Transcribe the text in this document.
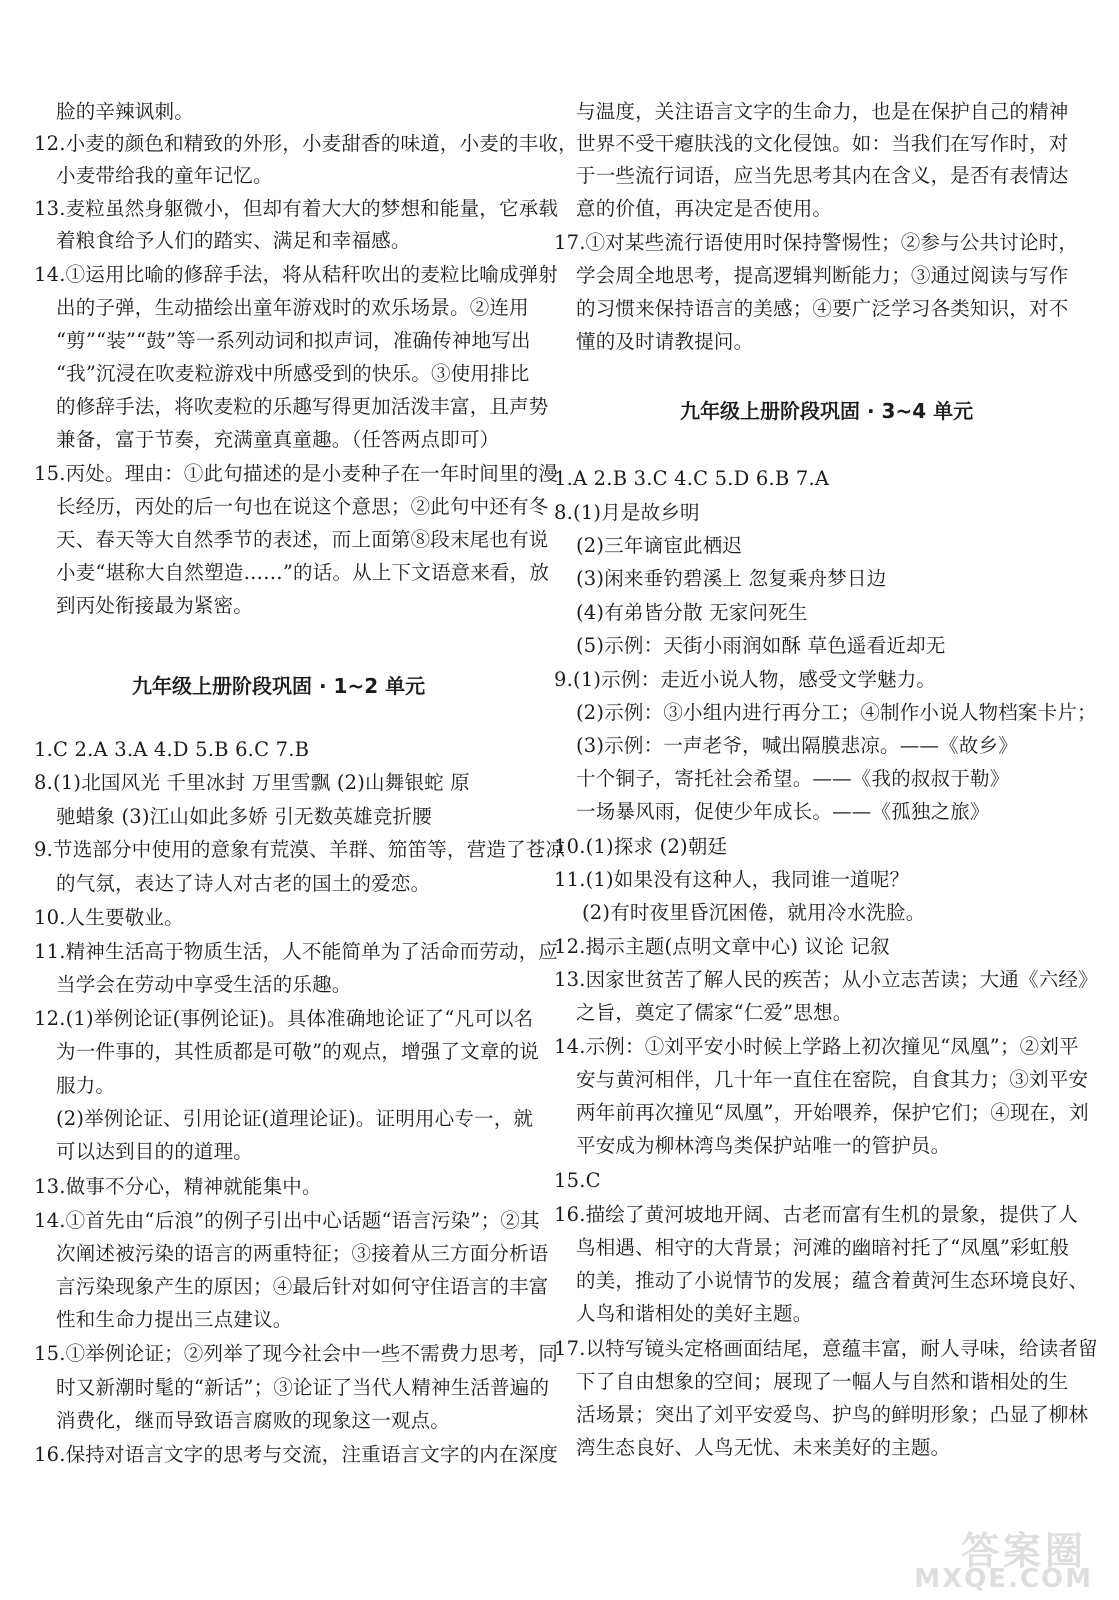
脸的辛辣讽刺。
12.小麦的颜色和精致的外形，小麦甜香的味道，小麦的丰收，
小麦带给我的童年记忆。
13.麦粒虽然身躯微小，但却有着大大的梦想和能量，它承载
着粮食给予人们的踏实、满足和幸福感。
14.①运用比喻的修辞手法，将从秸秆吹出的麦粒比喻成弹射
出的子弹，生动描绘出童年游戏时的欢乐场景。②连用
“剪”“装”“鼓”等一系列动词和拟声词，准确传神地写出
“我”沉浸在吹麦粒游戏中所感受到的快乐。③使用排比
的修辞手法，将吹麦粒的乐趣写得更加活泼丰富，且声势
兼备，富于节奏，充满童真童趣。（任答两点即可）
15.丙处。理由：①此句描述的是小麦种子在一年时间里的漫
长经历，丙处的后一句也在说这个意思；②此句中还有冬
天、春天等大自然季节的表述，而上面第⑧段末尾也有说
小麦“堪称大自然塑造……”的话。从上下文语意来看，放
到丙处衔接最为紧密。
九年级上册阶段巩固 · 1~2 单元
1.C 2.A 3.A 4.D 5.B 6.C 7.B
8.(1)北国风光 千里冰封 万里雪飘 (2)山舞银蛇 原
驰蜡象 (3)江山如此多娇 引无数英雄竞折腰
9.节选部分中使用的意象有荒漠、羊群、笳笛等，营造了苍凉
的气氛，表达了诗人对古老的国土的爱恋。
10.人生要敬业。
11.精神生活高于物质生活，人不能简单为了活命而劳动，应
当学会在劳动中享受生活的乐趣。
12.(1)举例论证(事例论证)。具体准确地论证了“凡可以名
为一件事的，其性质都是可敬”的观点，增强了文章的说
服力。
(2)举例论证、引用论证(道理论证)。证明用心专一，就
可以达到目的的道理。
13.做事不分心，精神就能集中。
14.①首先由“后浪”的例子引出中心话题“语言污染”；②其
次阐述被污染的语言的两重特征；③接着从三方面分析语
言污染现象产生的原因；④最后针对如何守住语言的丰富
性和生命力提出三点建议。
15.①举例论证；②列举了现今社会中一些不需费力思考，同
时又新潮时髦的“新话”；③论证了当代人精神生活普遍的
消费化，继而导致语言腐败的现象这一观点。
16.保持对语言文字的思考与交流，注重语言文字的内在深度
与温度，关注语言文字的生命力，也是在保护自己的精神
世界不受干瘪肤浅的文化侵蚀。如：当我们在写作时，对
于一些流行词语，应当先思考其内在含义，是否有表情达
意的价值，再决定是否使用。
17.①对某些流行语使用时保持警惕性；②参与公共讨论时，
学会周全地思考，提高逻辑判断能力；③通过阅读与写作
的习惯来保持语言的美感；④要广泛学习各类知识，对不
懂的及时请教提问。
九年级上册阶段巩固 · 3~4 单元
1.A 2.B 3.C 4.C 5.D 6.B 7.A
8.(1)月是故乡明
(2)三年谪宦此栖迟
(3)闲来垂钓碧溪上 忽复乘舟梦日边
(4)有弟皆分散 无家问死生
(5)示例：天街小雨润如酥 草色遥看近却无
9.(1)示例：走近小说人物，感受文学魅力。
(2)示例：③小组内进行再分工；④制作小说人物档案卡片；
(3)示例：一声老爷，喊出隔膜悲凉。——《故乡》
十个铜子，寄托社会希望。——《我的叔叔于勒》
一场暴风雨，促使少年成长。——《孤独之旅》
10.(1)探求 (2)朝廷
11.(1)如果没有这种人，我同谁一道呢？
(2)有时夜里昏沉困倦，就用冷水洗脸。
12.揭示主题(点明文章中心) 议论 记叙
13.因家世贫苦了解人民的疾苦；从小立志苦读；大通《六经》
之旨，奠定了儒家“仁爱”思想。
14.示例：①刘平安小时候上学路上初次撞见“凤凰”；②刘平
安与黄河相伴，几十年一直住在窑院，自食其力；③刘平安
两年前再次撞见“凤凰”，开始喂养，保护它们；④现在，刘
平安成为柳林湾鸟类保护站唯一的管护员。
15.C
16.描绘了黄河坡地开阔、古老而富有生机的景象，提供了人
鸟相遇、相守的大背景；河滩的幽暗衬托了“凤凰”彩虹般
的美，推动了小说情节的发展；蕴含着黄河生态环境良好、
人鸟和谐相处的美好主题。
17.以特写镜头定格画面结尾，意蕴丰富，耐人寻味，给读者留
下了自由想象的空间；展现了一幅人与自然和谐相处的生
活场景；突出了刘平安爱鸟、护鸟的鲜明形象；凸显了柳林
湾生态良好、人鸟无忧、未来美好的主题。
答案圈
MXQE.COM
